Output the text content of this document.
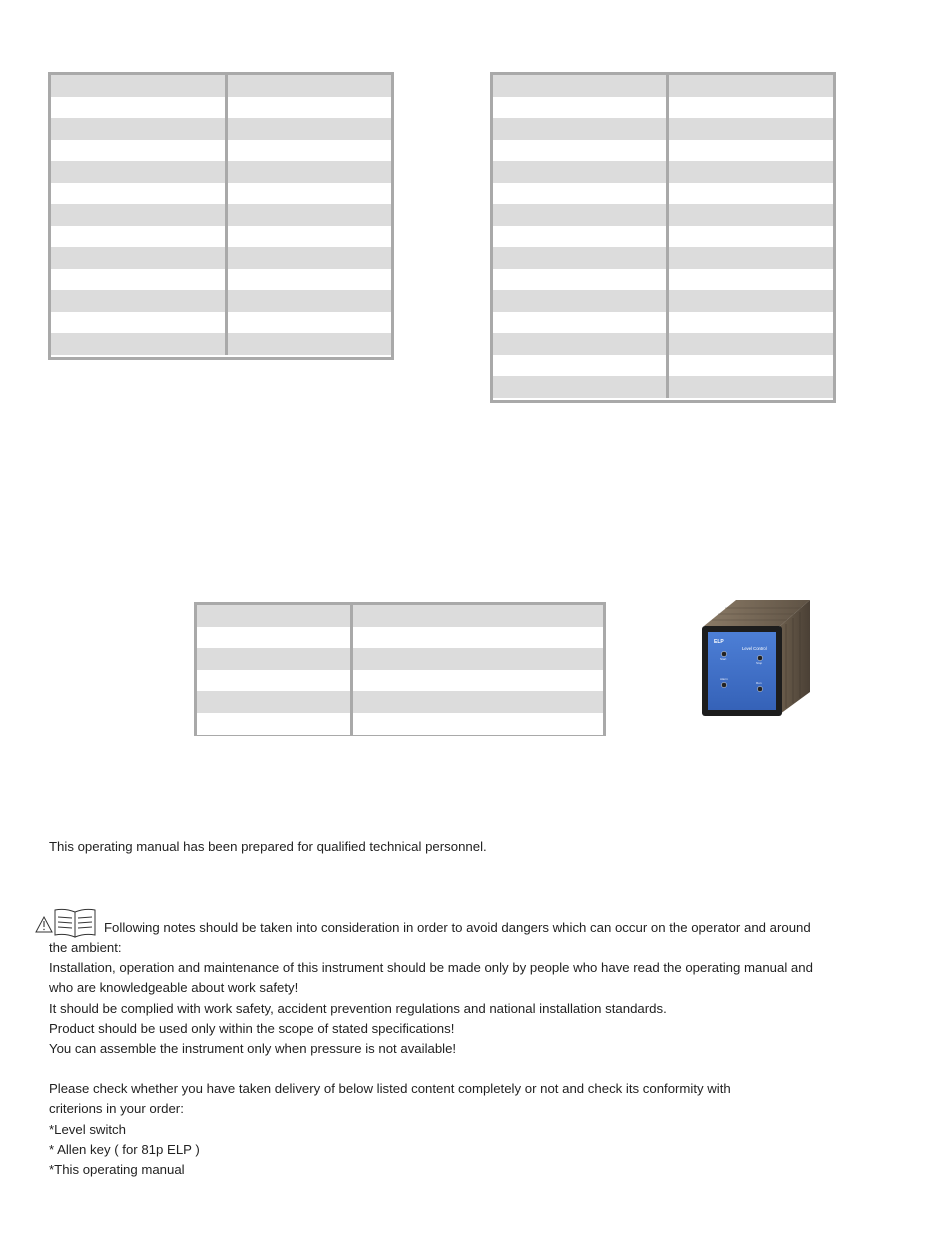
ELP
Level Control
Start
Stop
Alarm
Run
This operating manual has been prepared for qualified technical personnel.
Following notes should be taken into consideration in order to avoid dangers which can occur on the operator and around
the ambient:
Installation, operation and maintenance of this instrument should be made only by people who have read the operating manual and
who are knowledgeable about work safety!
It should be complied with work safety, accident prevention regulations and national installation standards.
Product should be used only within the scope of stated specifications!
You can assemble the instrument only when pressure is not available!
Please check whether you have taken delivery of below listed content completely or not and check its conformity with
criterions in your order:
*Level switch
* Allen key ( for 81p ELP )
*This operating manual
